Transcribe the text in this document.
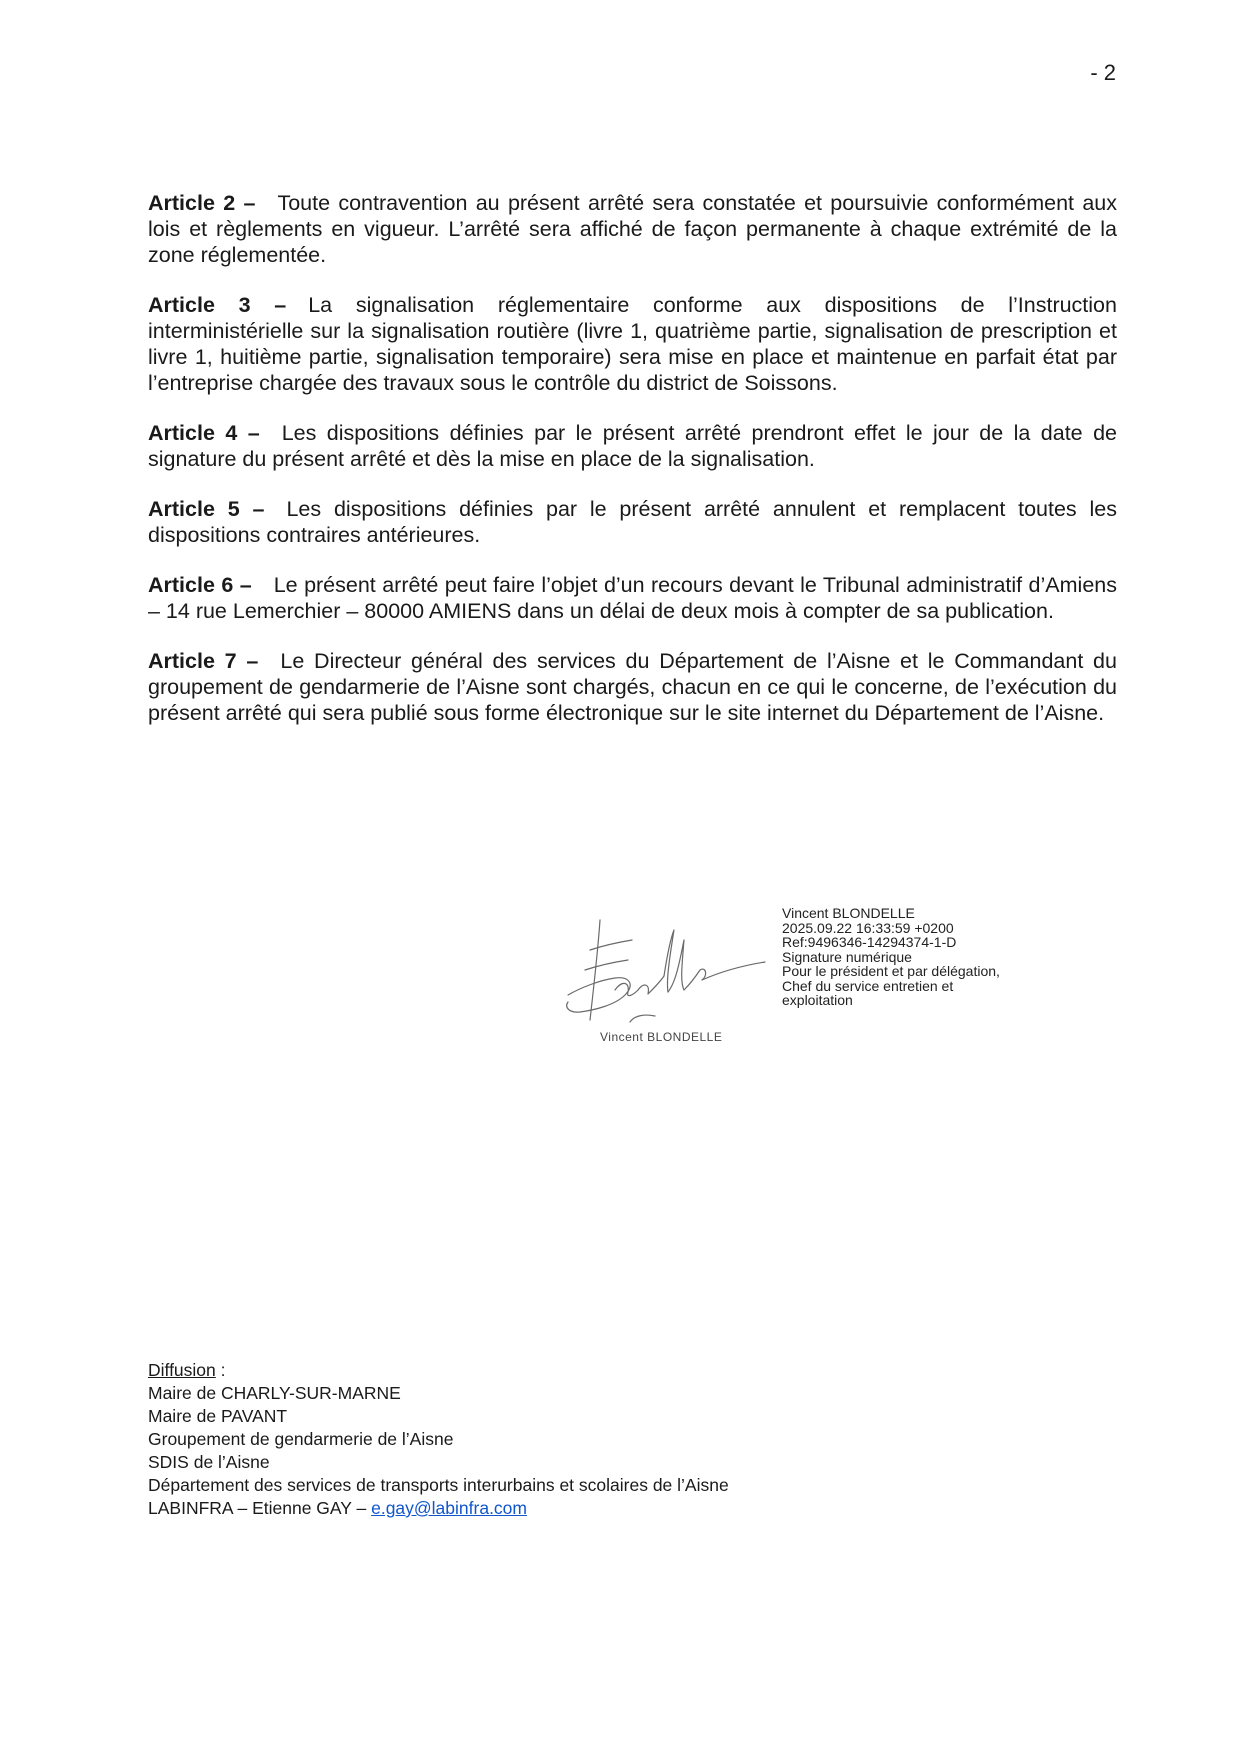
- 2

Article 2 – Toute contravention au présent arrêté sera constatée et poursuivie conformément aux lois et règlements en vigueur. L’arrêté sera affiché de façon permanente à chaque extrémité de la zone réglementée.

Article 3 – La signalisation réglementaire conforme aux dispositions de l’Instruction interministérielle sur la signalisation routière (livre 1, quatrième partie, signalisation de prescription et livre 1, huitième partie, signalisation temporaire) sera mise en place et maintenue en parfait état par l’entreprise chargée des travaux sous le contrôle du district de Soissons.

Article 4 – Les dispositions définies par le présent arrêté prendront effet le jour de la date de signature du présent arrêté et dès la mise en place de la signalisation.

Article 5 – Les dispositions définies par le présent arrêté annulent et remplacent toutes les dispositions contraires antérieures.

Article 6 – Le présent arrêté peut faire l’objet d’un recours devant le Tribunal administratif d’Amiens – 14 rue Lemerchier – 80000 AMIENS dans un délai de deux mois à compter de sa publication.

Article 7 – Le Directeur général des services du Département de l’Aisne et le Commandant du groupement de gendarmerie de l’Aisne sont chargés, chacun en ce qui le concerne, de l’exécution du présent arrêté qui sera publié sous forme électronique sur le site internet du Département de l’Aisne.

Vincent BLONDELLE
Vincent BLONDELLE
2025.09.22 16:33:59 +0200
Ref:9496346-14294374-1-D
Signature numérique
Pour le président et par délégation,
Chef du service entretien et
exploitation
Diffusion :
Maire de CHARLY-SUR-MARNE
Maire de PAVANT
Groupement de gendarmerie de l’Aisne
SDIS de l’Aisne
Département des services de transports interurbains et scolaires de l’Aisne
LABINFRA – Etienne GAY – e.gay@labinfra.com
